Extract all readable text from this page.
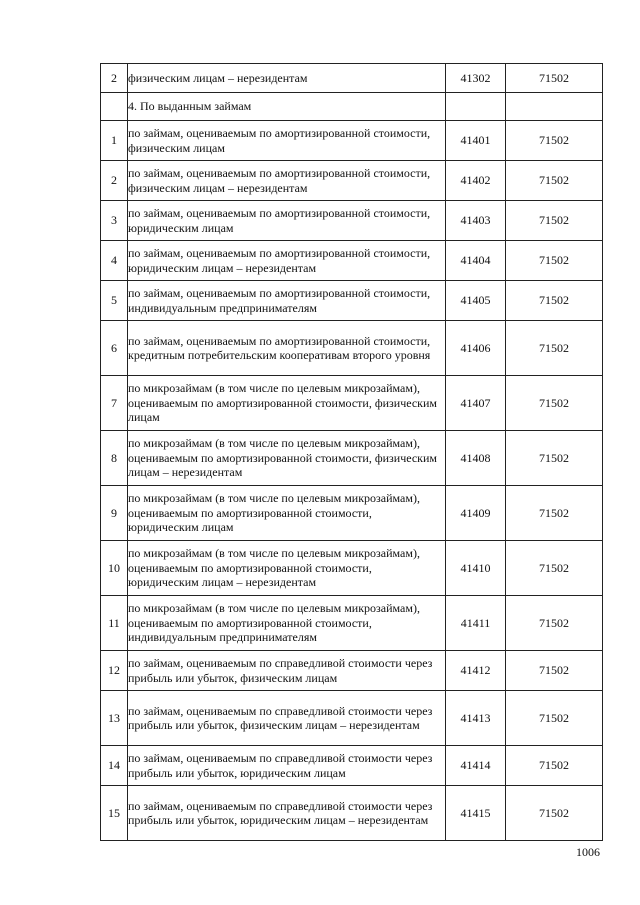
2	физическим лицам – нерезидентам	41302	71502
	4. По выданным займам		
1	по займам, оцениваемым по амортизированной стоимости, физическим лицам	41401	71502
2	по займам, оцениваемым по амортизированной стоимости, физическим лицам – нерезидентам	41402	71502
3	по займам, оцениваемым по амортизированной стоимости, юридическим лицам	41403	71502
4	по займам, оцениваемым по амортизированной стоимости, юридическим лицам – нерезидентам	41404	71502
5	по займам, оцениваемым по амортизированной стоимости, индивидуальным предпринимателям	41405	71502
6	по займам, оцениваемым по амортизированной стоимости, кредитным потребительским кооперативам второго уровня	41406	71502
7	по микрозаймам (в том числе по целевым микрозаймам), оцениваемым по амортизированной стоимости, физическим лицам	41407	71502
8	по микрозаймам (в том числе по целевым микрозаймам), оцениваемым по амортизированной стоимости, физическим лицам – нерезидентам	41408	71502
9	по микрозаймам (в том числе по целевым микрозаймам), оцениваемым по амортизированной стоимости, юридическим лицам	41409	71502
10	по микрозаймам (в том числе по целевым микрозаймам), оцениваемым по амортизированной стоимости, юридическим лицам – нерезидентам	41410	71502
11	по микрозаймам (в том числе по целевым микрозаймам), оцениваемым по амортизированной стоимости, индивидуальным предпринимателям	41411	71502
12	по займам, оцениваемым по справедливой стоимости через прибыль или убыток, физическим лицам	41412	71502
13	по займам, оцениваемым по справедливой стоимости через прибыль или убыток, физическим лицам – нерезидентам	41413	71502
14	по займам, оцениваемым по справедливой стоимости через прибыль или убыток, юридическим лицам	41414	71502
15	по займам, оцениваемым по справедливой стоимости через прибыль или убыток, юридическим лицам – нерезидентам	41415	71502
1006
